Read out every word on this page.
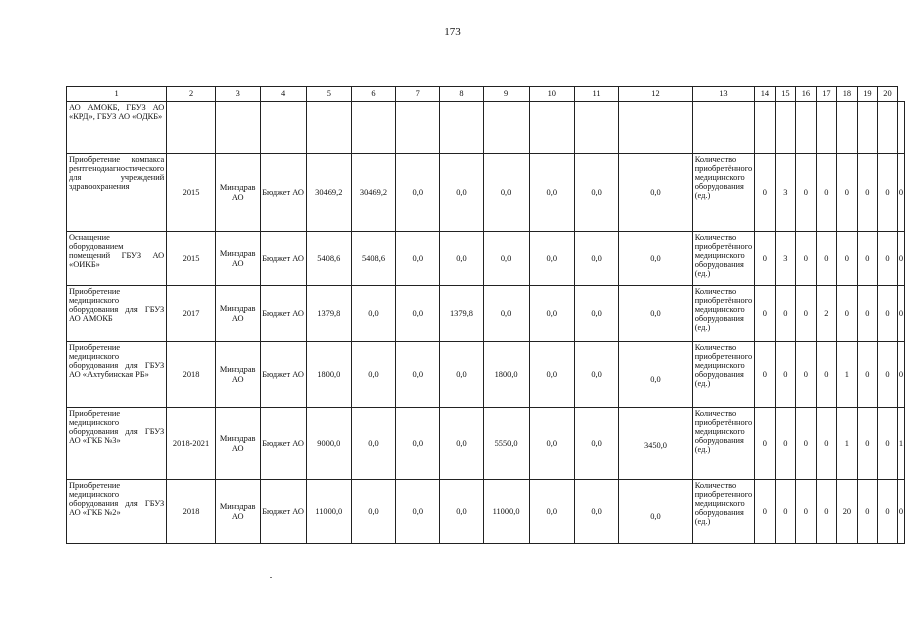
173
1	2	3	4	5	6	7	8	9	10	11	12	13	14	15	16	17	18	19	20	
АО АМОКБ, ГБУЗ АО «КРД», ГБУЗ АО «ОДКБ»																				
Приобретение компакса рентгенодиагностического для учреждений здравоохранения	2015	Минздрав АО	Бюджет АО	30469,2	30469,2	0,0	0,0	0,0	0,0	0,0	0,0	Количество приобретённого медицинского оборудования (ед.)	0	3	0	0	0	0	0	0
Оснащение оборудованием помещений ГБУЗ АО «ОИКБ»	2015	Минздрав АО	Бюджет АО	5408,6	5408,6	0,0	0,0	0,0	0,0	0,0	0,0	Количество приобретённого медицинского оборудования (ед.)	0	3	0	0	0	0	0	0
Приобретение медицинского оборудования для ГБУЗ АО АМОКБ	2017	Минздрав АО	Бюджет АО	1379,8	0,0	0,0	1379,8	0,0	0,0	0,0	0,0	Количество приобретённого медицинского оборудования (ед.)	0	0	0	2	0	0	0	0
Приобретение медицинского оборудования для ГБУЗ АО «Ахтубинская РБ»	2018	Минздрав АО	Бюджет АО	1800,0	0,0	0,0	0,0	1800,0	0,0	0,0	0,0	Количество приобретенного медицинского оборудования (ед.)	0	0	0	0	1	0	0	0
Приобретение медицинского оборудования для ГБУЗ АО «ГКБ №3»	2018-2021	Минздрав АО	Бюджет АО	9000,0	0,0	0,0	0,0	5550,0	0,0	0,0	3450,0	Количество приобретённого медицинского оборудования (ед.)	0	0	0	0	1	0	0	1
Приобретение медицинского оборудования для ГБУЗ АО «ГКБ №2»	2018	Минздрав АО	Бюджет АО	11000,0	0,0	0,0	0,0	11000,0	0,0	0,0	0,0	Количество приобретенного медицинского оборудования (ед.)	0	0	0	0	20	0	0	0
